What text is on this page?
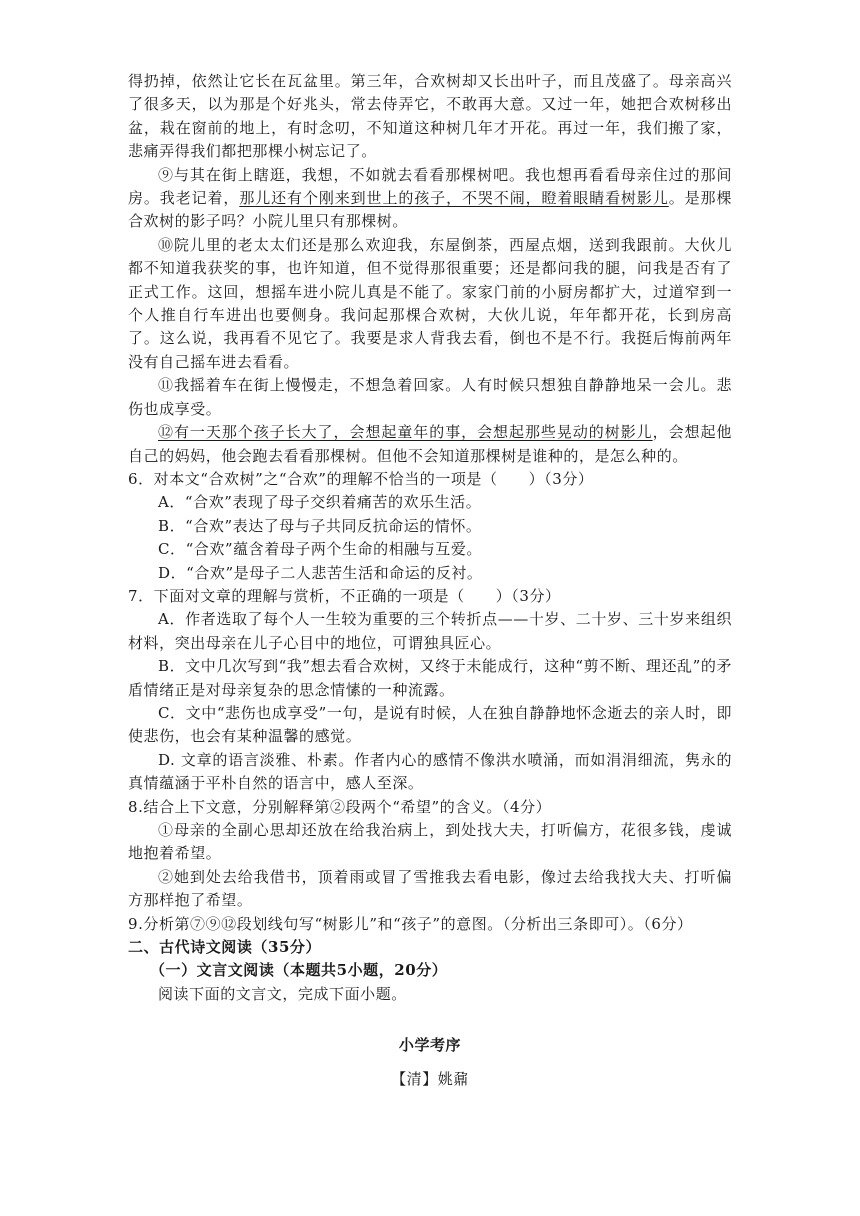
得扔掉，依然让它长在瓦盆里。第三年，合欢树却又长出叶子，而且茂盛了。母亲高兴了很多天，以为那是个好兆头，常去侍弄它，不敢再大意。又过一年，她把合欢树移出盆，栽在窗前的地上，有时念叨，不知道这种树几年才开花。再过一年，我们搬了家，悲痛弄得我们都把那棵小树忘记了。

⑨与其在街上瞎逛，我想，不如就去看看那棵树吧。我也想再看看母亲住过的那间房。我老记着，那儿还有个刚来到世上的孩子，不哭不闹，瞪着眼睛看树影儿。是那棵合欢树的影子吗？小院儿里只有那棵树。

⑩院儿里的老太太们还是那么欢迎我，东屋倒茶，西屋点烟，送到我跟前。大伙儿都不知道我获奖的事，也许知道，但不觉得那很重要；还是都问我的腿，问我是否有了正式工作。这回，想摇车进小院儿真是不能了。家家门前的小厨房都扩大，过道窄到一个人推自行车进出也要侧身。我问起那棵合欢树，大伙儿说，年年都开花，长到房高了。这么说，我再看不见它了。我要是求人背我去看，倒也不是不行。我挺后悔前两年没有自己摇车进去看看。

⑪我摇着车在街上慢慢走，不想急着回家。人有时候只想独自静静地呆一会儿。悲伤也成享受。

⑫有一天那个孩子长大了，会想起童年的事，会想起那些晃动的树影儿，会想起他自己的妈妈，他会跑去看看那棵树。但他不会知道那棵树是谁种的，是怎么种的。

6．对本文“合欢树”之“合欢”的理解不恰当的一项是（　　）（3分）

A．“合欢”表现了母子交织着痛苦的欢乐生活。

B．“合欢”表达了母与子共同反抗命运的情怀。

C．“合欢”蕴含着母子两个生命的相融与互爱。

D．“合欢”是母子二人悲苦生活和命运的反衬。

7．下面对文章的理解与赏析，不正确的一项是（　　）（3分）

A．作者选取了每个人一生较为重要的三个转折点——十岁、二十岁、三十岁来组织材料，突出母亲在儿子心目中的地位，可谓独具匠心。

B．文中几次写到“我”想去看合欢树，又终于未能成行，这种“剪不断、理还乱”的矛盾情绪正是对母亲复杂的思念情愫的一种流露。

C．文中“悲伤也成享受”一句，是说有时候，人在独自静静地怀念逝去的亲人时，即使悲伤，也会有某种温馨的感觉。

D. 文章的语言淡雅、朴素。作者内心的感情不像洪水喷涌，而如涓涓细流，隽永的真情蕴涵于平朴自然的语言中，感人至深。

8.结合上下文意，分别解释第②段两个“希望”的含义。（4分）

①母亲的全副心思却还放在给我治病上，到处找大夫，打听偏方，花很多钱，虔诚地抱着希望。

②她到处去给我借书，顶着雨或冒了雪推我去看电影，像过去给我找大夫、打听偏方那样抱了希望。

9.分析第⑦⑨⑫段划线句写“树影儿”和“孩子”的意图。（分析出三条即可）。（6分）

二、古代诗文阅读（35分）

（一）文言文阅读（本题共5小题，20分）

阅读下面的文言文，完成下面小题。

小学考序

【清】姚鼐
